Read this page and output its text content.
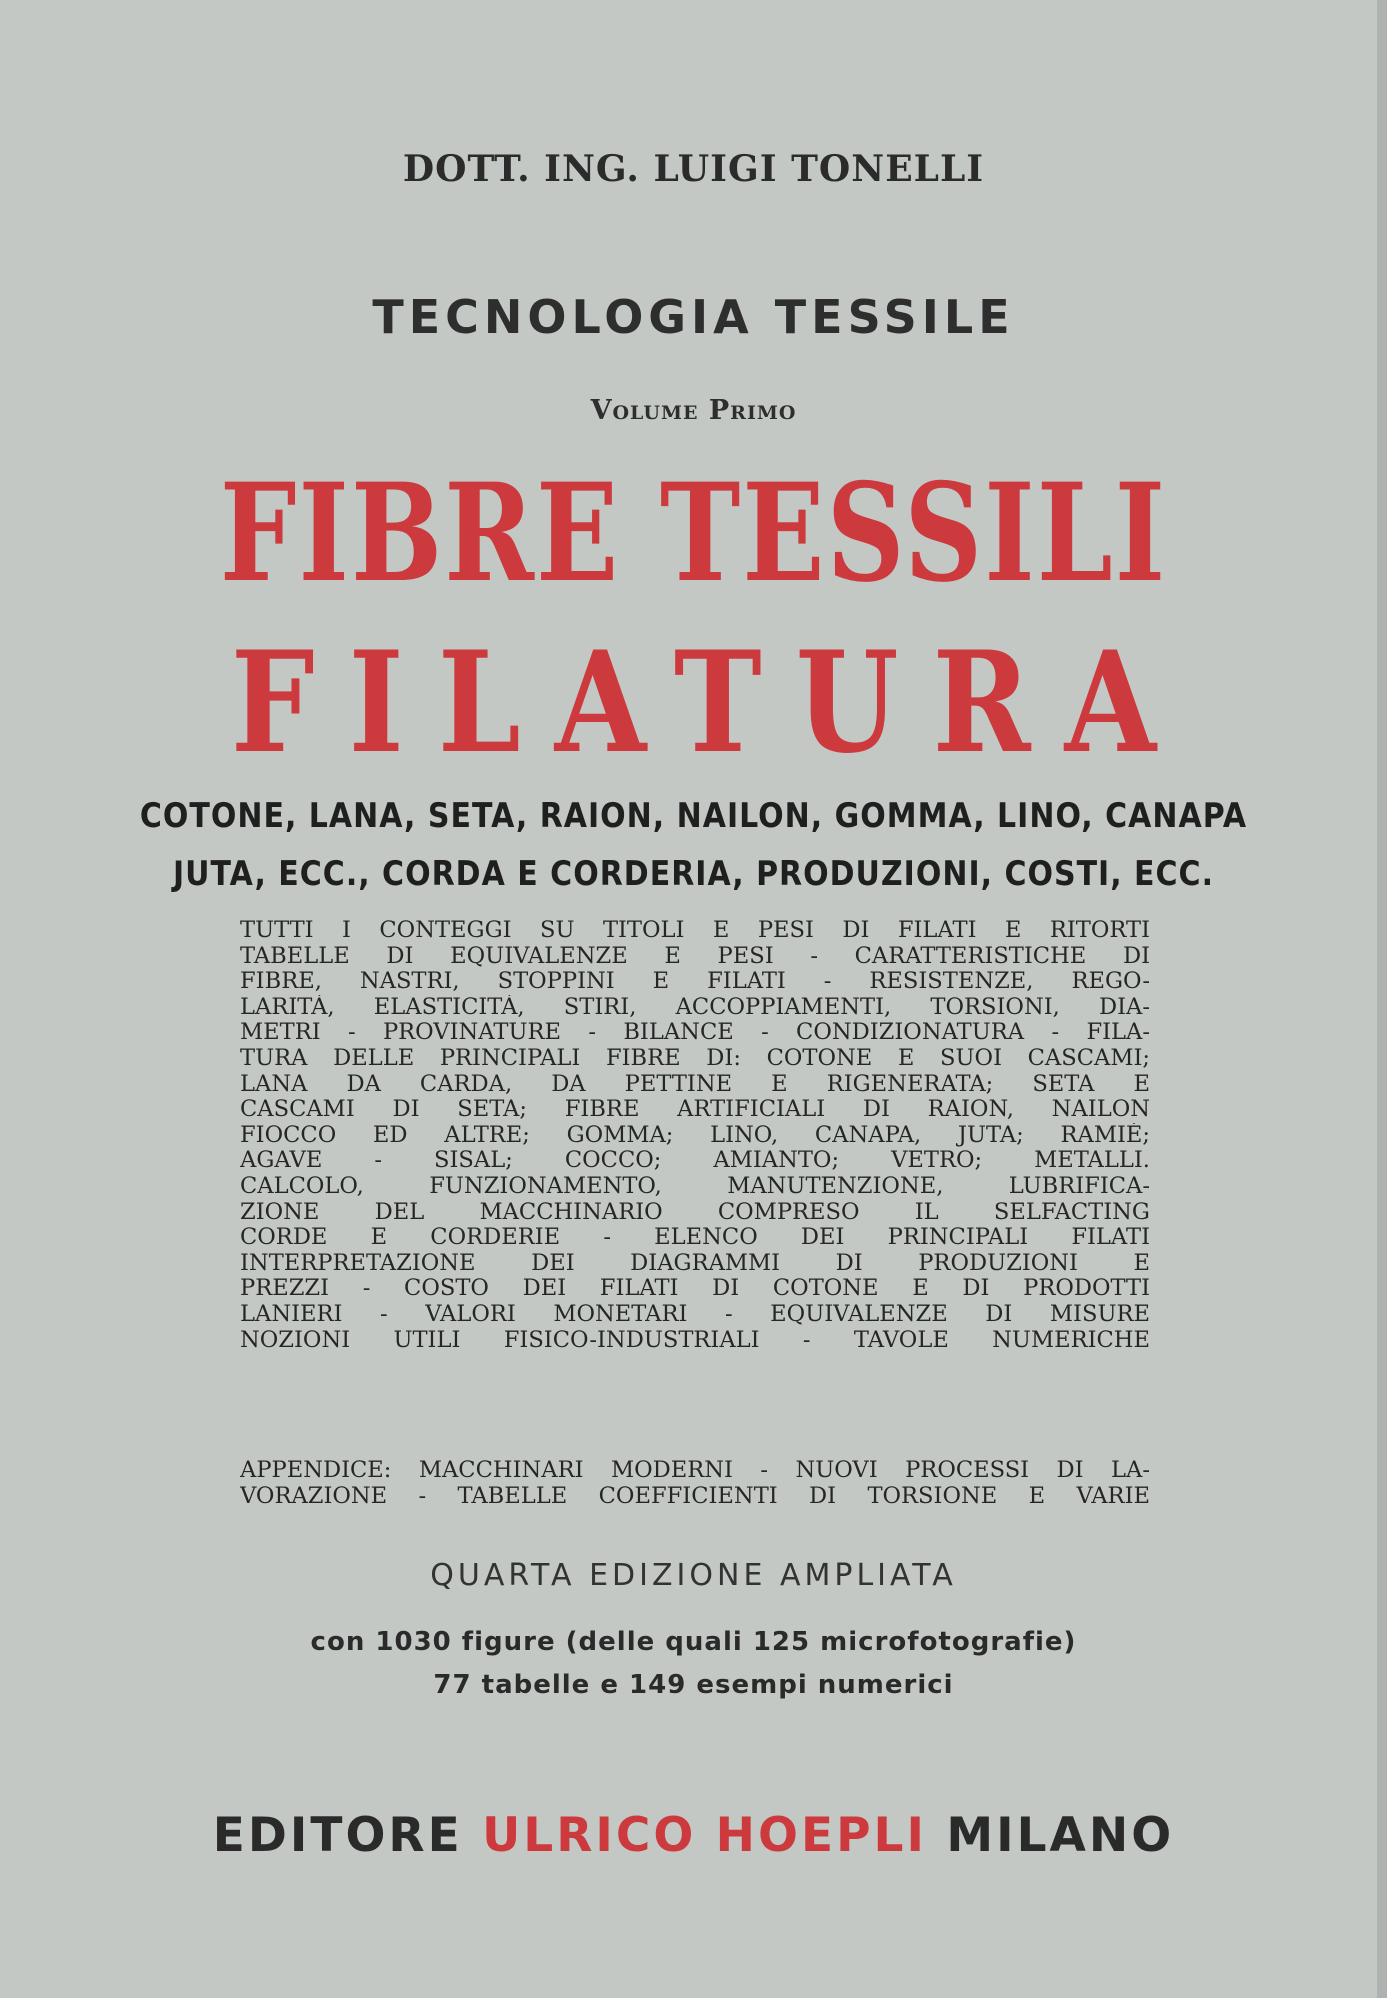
DOTT. ING. LUIGI TONELLI
TECNOLOGIA TESSILE
Volume Primo
FIBRE TESSILI
FILATURA
COTONE, LANA, SETA, RAION, NAILON, GOMMA, LINO, CANAPA
JUTA, ECC., CORDA E CORDERIA, PRODUZIONI, COSTI, ECC.
TUTTI I CONTEGGI SU TITOLI E PESI DI FILATI E RITORTI
TABELLE DI EQUIVALENZE E PESI - CARATTERISTICHE DI
FIBRE, NASTRI, STOPPINI E FILATI - RESISTENZE, REGO-
LARITÀ, ELASTICITÀ, STIRI, ACCOPPIAMENTI, TORSIONI, DIA-
METRI - PROVINATURE - BILANCE - CONDIZIONATURA - FILA-
TURA DELLE PRINCIPALI FIBRE DI: COTONE E SUOI CASCAMI;
LANA DA CARDA, DA PETTINE E RIGENERATA; SETA E
CASCAMI DI SETA; FIBRE ARTIFICIALI DI RAION, NAILON
FIOCCO ED ALTRE; GOMMA; LINO, CANAPA, JUTA; RAMIÉ;
AGAVE - SISAL; COCCO; AMIANTO; VETRO; METALLI.
CALCOLO, FUNZIONAMENTO, MANUTENZIONE, LUBRIFICA-
ZIONE DEL MACCHINARIO COMPRESO IL SELFACTING
CORDE E CORDERIE - ELENCO DEI PRINCIPALI FILATI
INTERPRETAZIONE DEI DIAGRAMMI DI PRODUZIONI E
PREZZI - COSTO DEI FILATI DI COTONE E DI PRODOTTI
LANIERI - VALORI MONETARI - EQUIVALENZE DI MISURE
NOZIONI UTILI FISICO-INDUSTRIALI - TAVOLE NUMERICHE
APPENDICE: MACCHINARI MODERNI - NUOVI PROCESSI DI LA-
VORAZIONE - TABELLE COEFFICIENTI DI TORSIONE E VARIE
QUARTA EDIZIONE AMPLIATA
con 1030 figure (delle quali 125 microfotografie)
77 tabelle e 149 esempi numerici
EDITORE ULRICO HOEPLI MILANO
